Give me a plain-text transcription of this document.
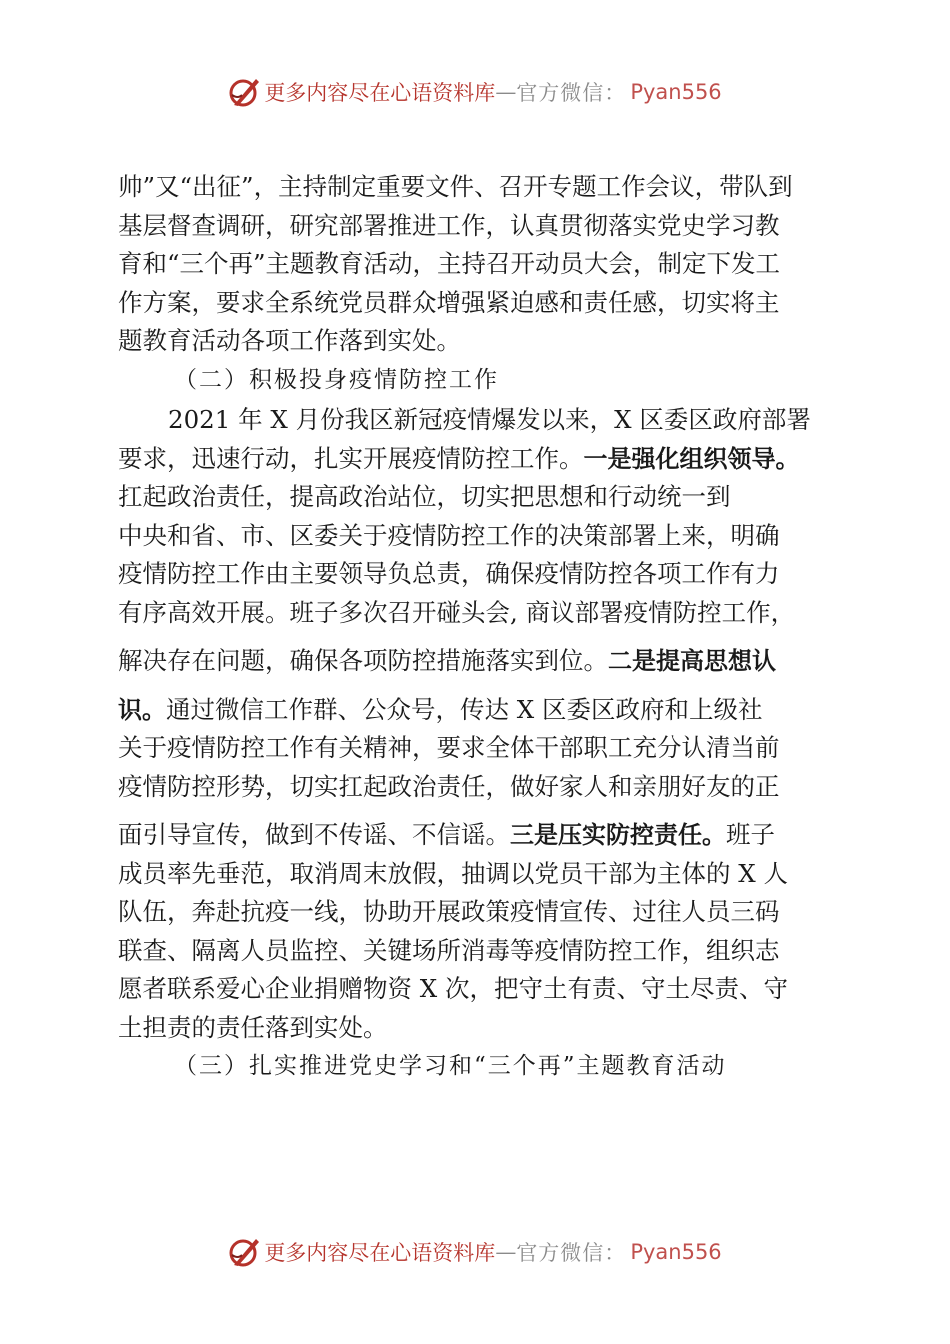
更多内容尽在心语资料库 — 官方微信： Pyan556
帅”又“出征”，主持制定重要文件、召开专题工作会议，带队到
基层督查调研，研究部署推进工作，认真贯彻落实党史学习教
育和“三个再”主题教育活动，主持召开动员大会，制定下发工
作方案，要求全系统党员群众增强紧迫感和责任感，切实将主
题教育活动各项工作落到实处。
（二）积极投身疫情防控工作
2021 年 X 月份我区新冠疫情爆发以来，X 区委区政府部署
要求，迅速行动，扎实开展疫情防控工作。一是强化组织领导。
扛起政治责任，提高政治站位，切实把思想和行动统一到
中央和省、市、区委关于疫情防控工作的决策部署上来，明确
疫情防控工作由主要领导负总责，确保疫情防控各项工作有力
有序高效开展。班子多次召开碰头会, 商议部署疫情防控工作，
解决存在问题，确保各项防控措施落实到位。二是提高思想认
识。通过微信工作群、公众号，传达 X 区委区政府和上级社
关于疫情防控工作有关精神，要求全体干部职工充分认清当前
疫情防控形势，切实扛起政治责任，做好家人和亲朋好友的正
面引导宣传，做到不传谣、不信谣。三是压实防控责任。班子
成员率先垂范，取消周末放假，抽调以党员干部为主体的 X 人
队伍，奔赴抗疫一线，协助开展政策疫情宣传、过往人员三码
联查、隔离人员监控、关键场所消毒等疫情防控工作，组织志
愿者联系爱心企业捐赠物资 X 次，把守土有责、守土尽责、守
土担责的责任落到实处。
（三）扎实推进党史学习和“三个再”主题教育活动
更多内容尽在心语资料库 — 官方微信： Pyan556
